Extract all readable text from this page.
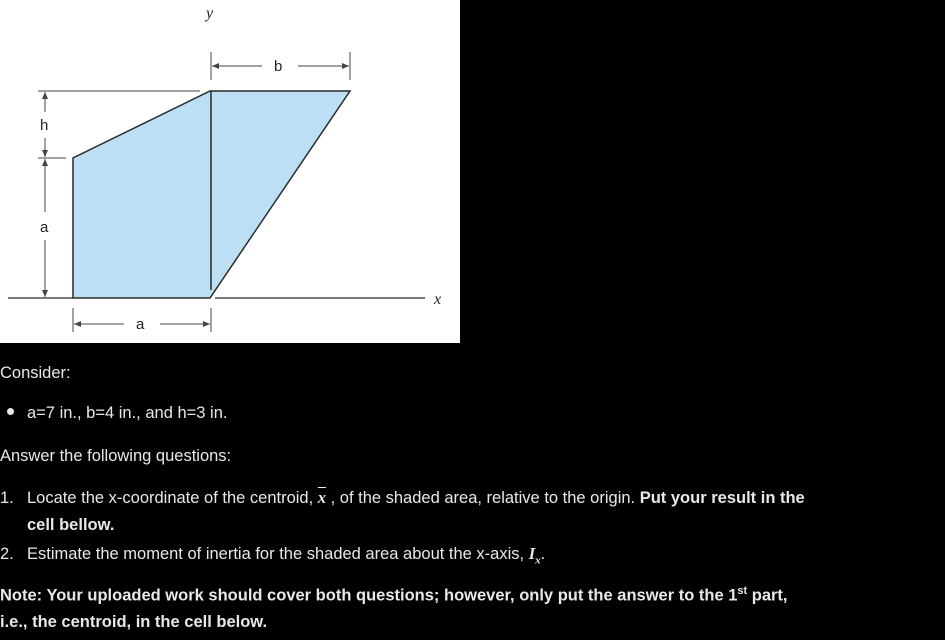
x
y
b
h
a
a
Consider:
a=7 in., b=4 in., and h=3 in.
Answer the following questions:
1. Locate the x-coordinate of the centroid, $\overline{x}$ , of the shaded area, relative to the origin. Put your result in the
cell bellow.
2. Estimate the moment of inertia for the shaded area about the x-axis, $I_x$.
Note: Your uploaded work should cover both questions; however, only put the answer to the 1st part,
i.e., the centroid, in the cell below.
